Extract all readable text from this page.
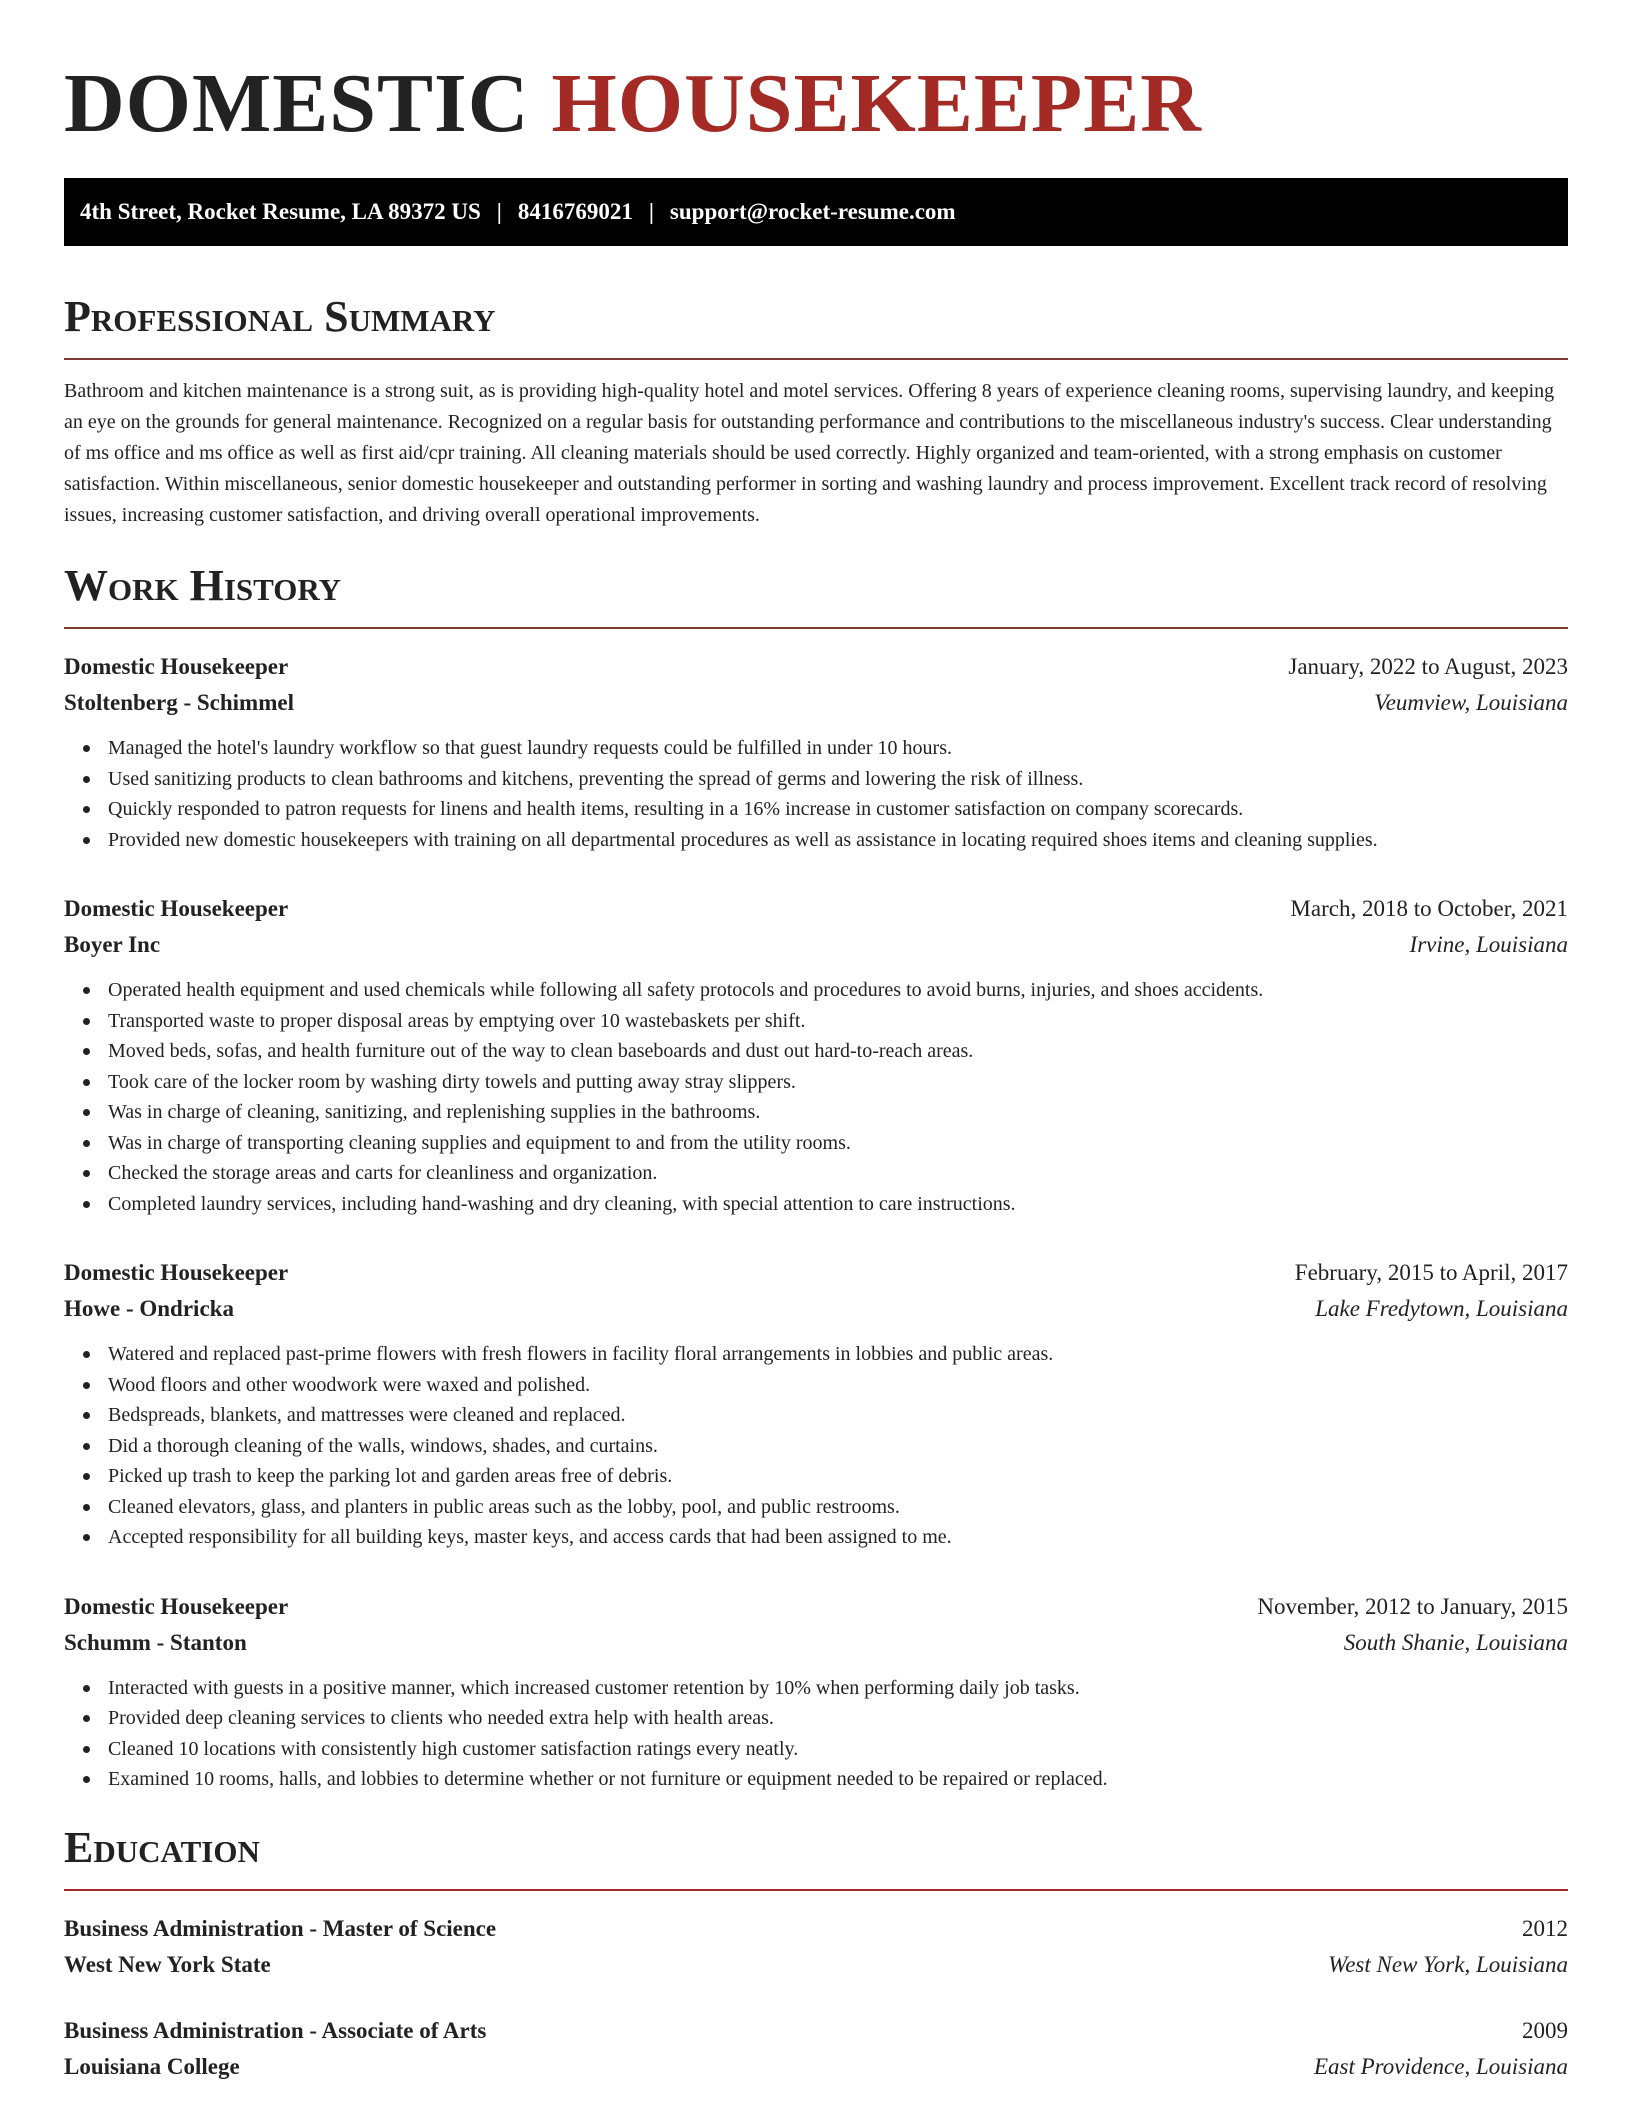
DOMESTIC HOUSEKEEPER
4th Street, Rocket Resume, LA 89372 US | 8416769021 | support@rocket-resume.com
Professional Summary

Bathroom and kitchen maintenance is a strong suit, as is providing high-quality hotel and motel services. Offering 8 years of experience cleaning rooms, supervising laundry, and keeping an eye on the grounds for general maintenance. Recognized on a regular basis for outstanding performance and contributions to the miscellaneous industry's success. Clear understanding of ms office and ms office as well as first aid/cpr training. All cleaning materials should be used correctly. Highly organized and team-oriented, with a strong emphasis on customer satisfaction. Within miscellaneous, senior domestic housekeeper and outstanding performer in sorting and washing laundry and process improvement. Excellent track record of resolving issues, increasing customer satisfaction, and driving overall operational improvements.

Work History
Domestic Housekeeper	January, 2022 to August, 2023
Stoltenberg - Schimmel	Veumview, Louisiana
Managed the hotel's laundry workflow so that guest laundry requests could be fulfilled in under 10 hours.
Used sanitizing products to clean bathrooms and kitchens, preventing the spread of germs and lowering the risk of illness.
Quickly responded to patron requests for linens and health items, resulting in a 16% increase in customer satisfaction on company scorecards.
Provided new domestic housekeepers with training on all departmental procedures as well as assistance in locating required shoes items and cleaning supplies.
Domestic Housekeeper	March, 2018 to October, 2021
Boyer Inc	Irvine, Louisiana
Operated health equipment and used chemicals while following all safety protocols and procedures to avoid burns, injuries, and shoes accidents.
Transported waste to proper disposal areas by emptying over 10 wastebaskets per shift.
Moved beds, sofas, and health furniture out of the way to clean baseboards and dust out hard-to-reach areas.
Took care of the locker room by washing dirty towels and putting away stray slippers.
Was in charge of cleaning, sanitizing, and replenishing supplies in the bathrooms.
Was in charge of transporting cleaning supplies and equipment to and from the utility rooms.
Checked the storage areas and carts for cleanliness and organization.
Completed laundry services, including hand-washing and dry cleaning, with special attention to care instructions.
Domestic Housekeeper	February, 2015 to April, 2017
Howe - Ondricka	Lake Fredytown, Louisiana
Watered and replaced past-prime flowers with fresh flowers in facility floral arrangements in lobbies and public areas.
Wood floors and other woodwork were waxed and polished.
Bedspreads, blankets, and mattresses were cleaned and replaced.
Did a thorough cleaning of the walls, windows, shades, and curtains.
Picked up trash to keep the parking lot and garden areas free of debris.
Cleaned elevators, glass, and planters in public areas such as the lobby, pool, and public restrooms.
Accepted responsibility for all building keys, master keys, and access cards that had been assigned to me.
Domestic Housekeeper	November, 2012 to January, 2015
Schumm - Stanton	South Shanie, Louisiana
Interacted with guests in a positive manner, which increased customer retention by 10% when performing daily job tasks.
Provided deep cleaning services to clients who needed extra help with health areas.
Cleaned 10 locations with consistently high customer satisfaction ratings every neatly.
Examined 10 rooms, halls, and lobbies to determine whether or not furniture or equipment needed to be repaired or replaced.
Education
Business Administration - Master of Science	2012
West New York State	West New York, Louisiana
Business Administration - Associate of Arts	2009
Louisiana College	East Providence, Louisiana
